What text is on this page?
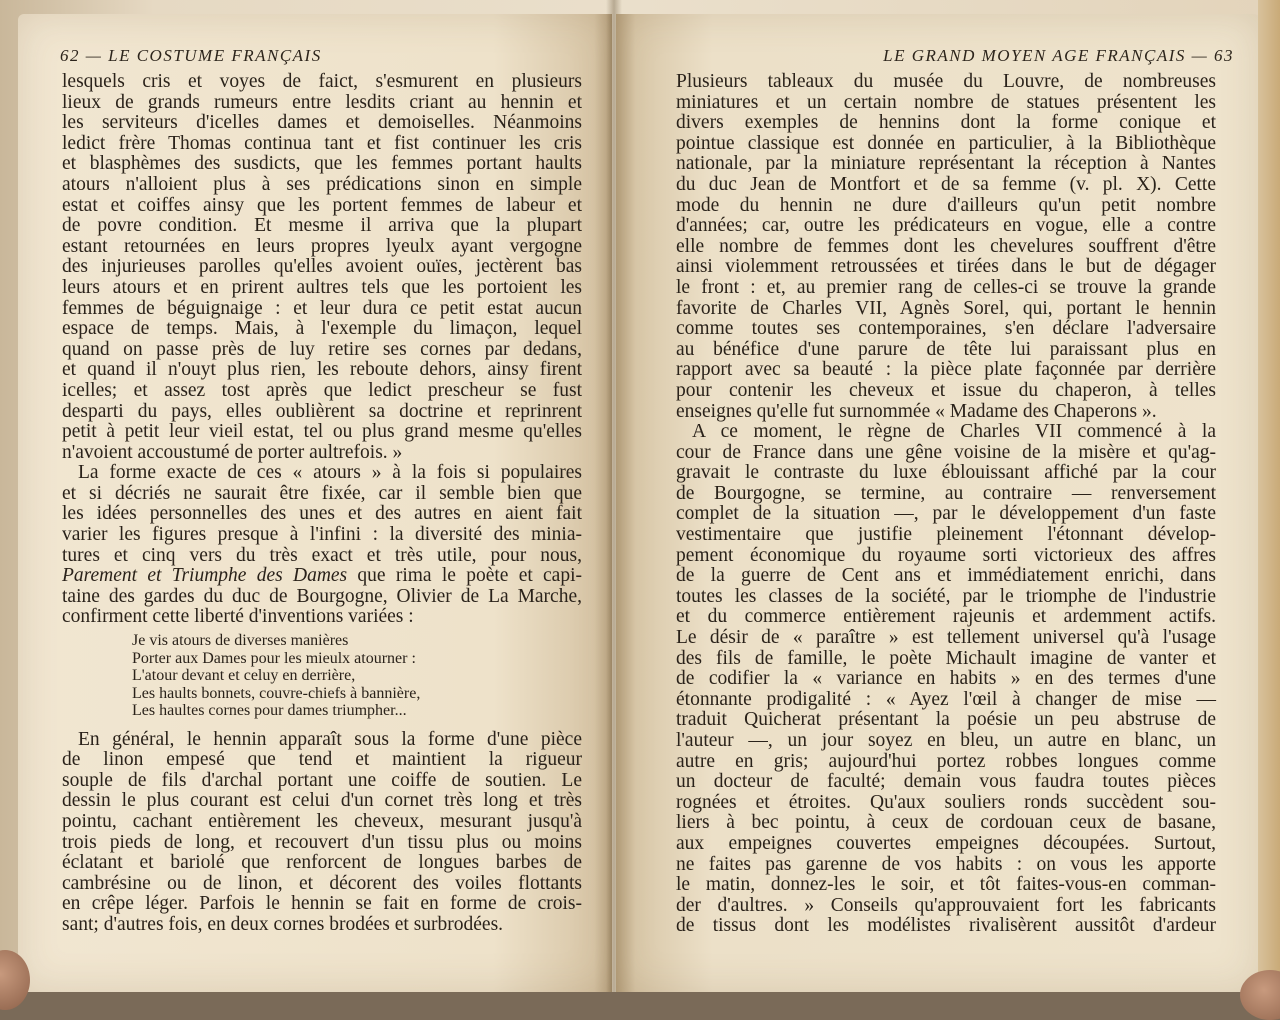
62 — LE COSTUME FRANÇAIS
lesquels cris et voyes de faict, s'esmurent en plusieurs
lieux de grands rumeurs entre lesdits criant au hennin et
les serviteurs d'icelles dames et demoiselles. Néanmoins
ledict frère Thomas continua tant et fist continuer les cris
et blasphèmes des susdicts, que les femmes portant haults
atours n'alloient plus à ses prédications sinon en simple
estat et coiffes ainsy que les portent femmes de labeur et
de povre condition. Et mesme il arriva que la plupart
estant retournées en leurs propres lyeulx ayant vergogne
des injurieuses parolles qu'elles avoient ouïes, jectèrent bas
leurs atours et en prirent aultres tels que les portoient les
femmes de béguignaige : et leur dura ce petit estat aucun
espace de temps. Mais, à l'exemple du limaçon, lequel
quand on passe près de luy retire ses cornes par dedans,
et quand il n'ouyt plus rien, les reboute dehors, ainsy firent
icelles; et assez tost après que ledict prescheur se fust
desparti du pays, elles oublièrent sa doctrine et reprinrent
petit à petit leur vieil estat, tel ou plus grand mesme qu'elles
n'avoient accoustumé de porter aultrefois. »
La forme exacte de ces « atours » à la fois si populaires
et si décriés ne saurait être fixée, car il semble bien que
les idées personnelles des unes et des autres en aient fait
varier les figures presque à l'infini : la diversité des minia-
tures et cinq vers du très exact et très utile, pour nous,
Parement et Triumphe des Dames que rima le poète et capi-
taine des gardes du duc de Bourgogne, Olivier de La Marche,
confirment cette liberté d'inventions variées :
Je vis atours de diverses manières
Porter aux Dames pour les mieulx atourner :
L'atour devant et celuy en derrière,
Les haults bonnets, couvre-chiefs à bannière,
Les haultes cornes pour dames triumpher...
En général, le hennin apparaît sous la forme d'une pièce
de linon empesé que tend et maintient la rigueur
souple de fils d'archal portant une coiffe de soutien. Le
dessin le plus courant est celui d'un cornet très long et très
pointu, cachant entièrement les cheveux, mesurant jusqu'à
trois pieds de long, et recouvert d'un tissu plus ou moins
éclatant et bariolé que renforcent de longues barbes de
cambrésine ou de linon, et décorent des voiles flottants
en crêpe léger. Parfois le hennin se fait en forme de crois-
sant; d'autres fois, en deux cornes brodées et surbrodées.
LE GRAND MOYEN AGE FRANÇAIS — 63
Plusieurs tableaux du musée du Louvre, de nombreuses
miniatures et un certain nombre de statues présentent les
divers exemples de hennins dont la forme conique et
pointue classique est donnée en particulier, à la Bibliothèque
nationale, par la miniature représentant la réception à Nantes
du duc Jean de Montfort et de sa femme (v. pl. X). Cette
mode du hennin ne dure d'ailleurs qu'un petit nombre
d'années; car, outre les prédicateurs en vogue, elle a contre
elle nombre de femmes dont les chevelures souffrent d'être
ainsi violemment retroussées et tirées dans le but de dégager
le front : et, au premier rang de celles-ci se trouve la grande
favorite de Charles VII, Agnès Sorel, qui, portant le hennin
comme toutes ses contemporaines, s'en déclare l'adversaire
au bénéfice d'une parure de tête lui paraissant plus en
rapport avec sa beauté : la pièce plate façonnée par derrière
pour contenir les cheveux et issue du chaperon, à telles
enseignes qu'elle fut surnommée « Madame des Chaperons ».
A ce moment, le règne de Charles VII commencé à la
cour de France dans une gêne voisine de la misère et qu'ag-
gravait le contraste du luxe éblouissant affiché par la cour
de Bourgogne, se termine, au contraire — renversement
complet de la situation —, par le développement d'un faste
vestimentaire que justifie pleinement l'étonnant dévelop-
pement économique du royaume sorti victorieux des affres
de la guerre de Cent ans et immédiatement enrichi, dans
toutes les classes de la société, par le triomphe de l'industrie
et du commerce entièrement rajeunis et ardemment actifs.
Le désir de « paraître » est tellement universel qu'à l'usage
des fils de famille, le poète Michault imagine de vanter et
de codifier la « variance en habits » en des termes d'une
étonnante prodigalité : « Ayez l'œil à changer de mise —
traduit Quicherat présentant la poésie un peu abstruse de
l'auteur —, un jour soyez en bleu, un autre en blanc, un
autre en gris; aujourd'hui portez robbes longues comme
un docteur de faculté; demain vous faudra toutes pièces
rognées et étroites. Qu'aux souliers ronds succèdent sou-
liers à bec pointu, à ceux de cordouan ceux de basane,
aux empeignes couvertes empeignes découpées. Surtout,
ne faites pas garenne de vos habits : on vous les apporte
le matin, donnez-les le soir, et tôt faites-vous-en comman-
der d'aultres. » Conseils qu'approuvaient fort les fabricants
de tissus dont les modélistes rivalisèrent aussitôt d'ardeur
